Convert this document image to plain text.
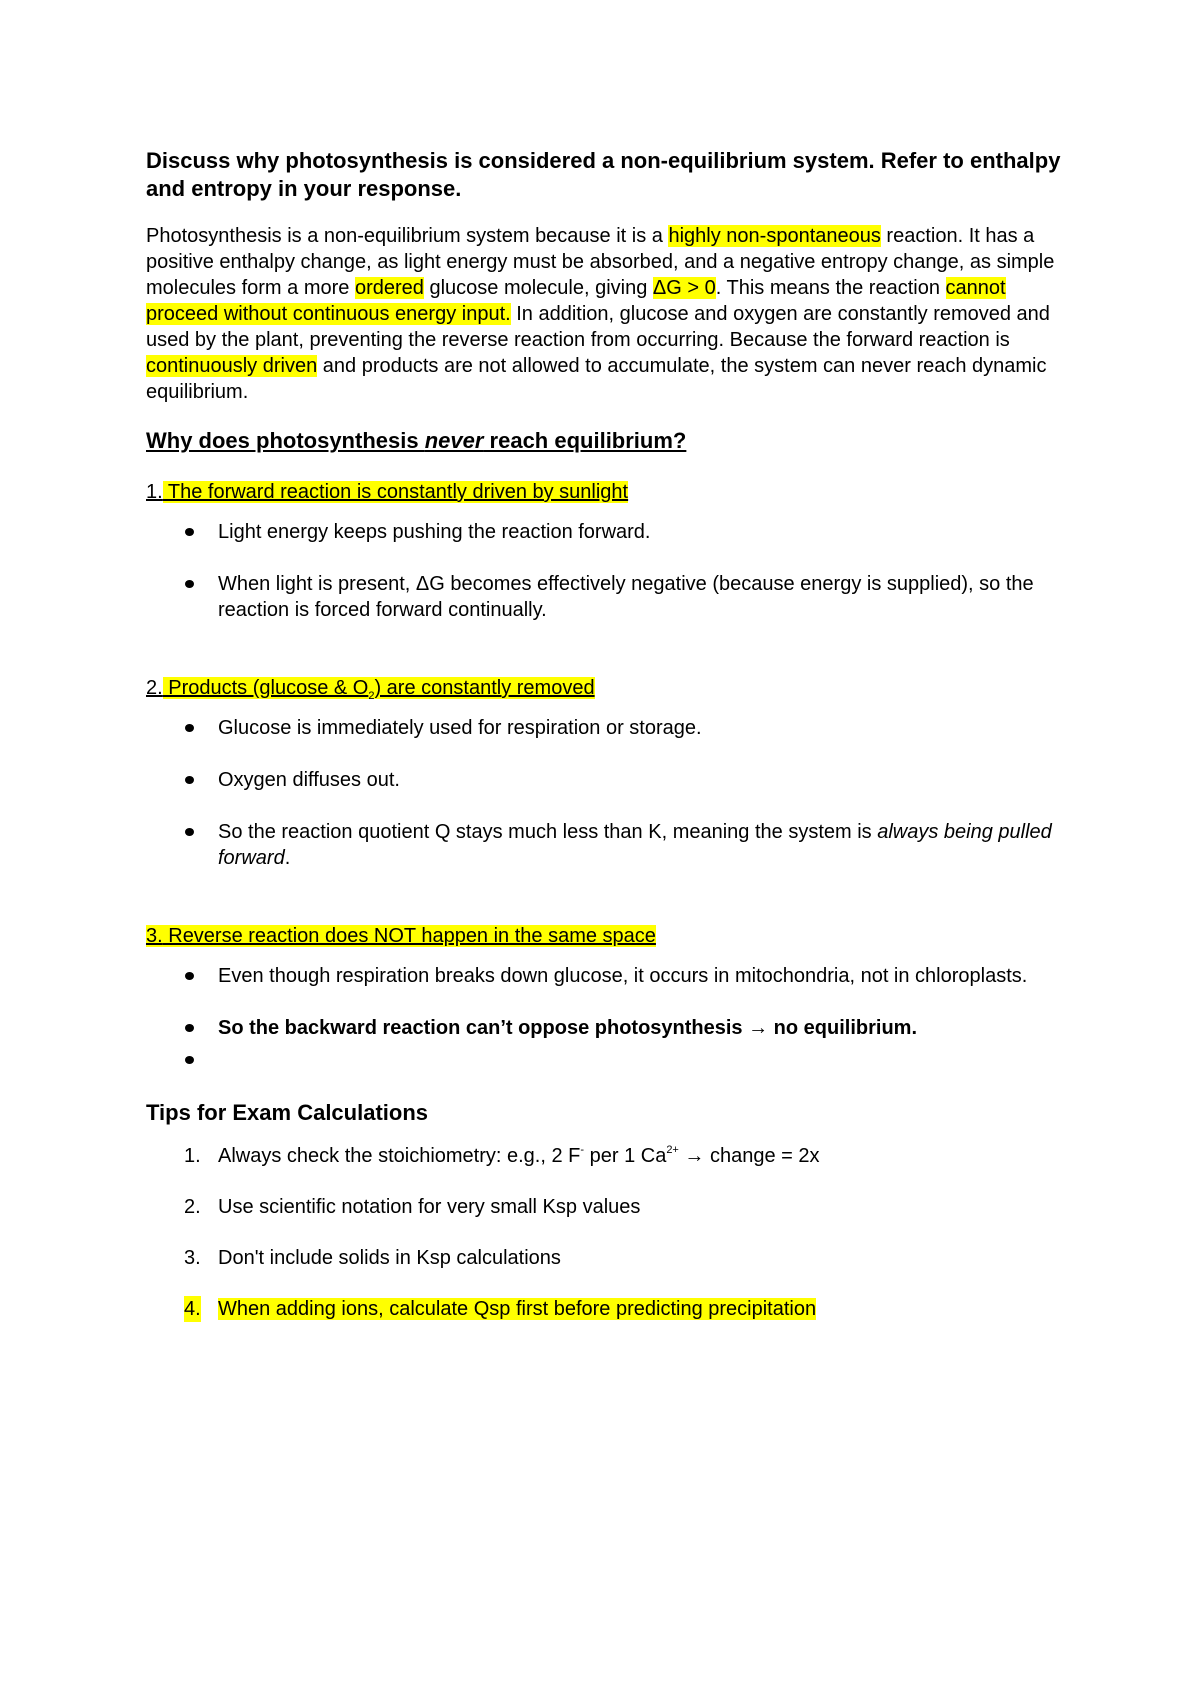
Discuss why photosynthesis is considered a non-equilibrium system. Refer to enthalpy and entropy in your response.

Photosynthesis is a non-equilibrium system because it is a highly non-spontaneous reaction. It has a positive enthalpy change, as light energy must be absorbed, and a negative entropy change, as simple molecules form a more ordered glucose molecule, giving ΔG > 0. This means the reaction cannot proceed without continuous energy input. In addition, glucose and oxygen are constantly removed and used by the plant, preventing the reverse reaction from occurring. Because the forward reaction is continuously driven and products are not allowed to accumulate, the system can never reach dynamic equilibrium.

Why does photosynthesis never reach equilibrium?

1. The forward reaction is constantly driven by sunlight

Light energy keeps pushing the reaction forward.
When light is present, ΔG becomes effectively negative (because energy is supplied), so the reaction is forced forward continually.

2. Products (glucose & $O_2$) are constantly removed

Glucose is immediately used for respiration or storage.
Oxygen diffuses out.
So the reaction quotient Q stays much less than K, meaning the system is always being pulled forward.

3. Reverse reaction does NOT happen in the same space

Even though respiration breaks down glucose, it occurs in mitochondria, not in chloroplasts.
So the backward reaction can’t oppose photosynthesis → no equilibrium.

Tips for Exam Calculations

1. Always check the stoichiometry: e.g., 2 F- per 1 $Ca^{2+}$ → change = 2x
2. Use scientific notation for very small Ksp values
3. Don't include solids in Ksp calculations
4. When adding ions, calculate Qsp first before predicting precipitation
